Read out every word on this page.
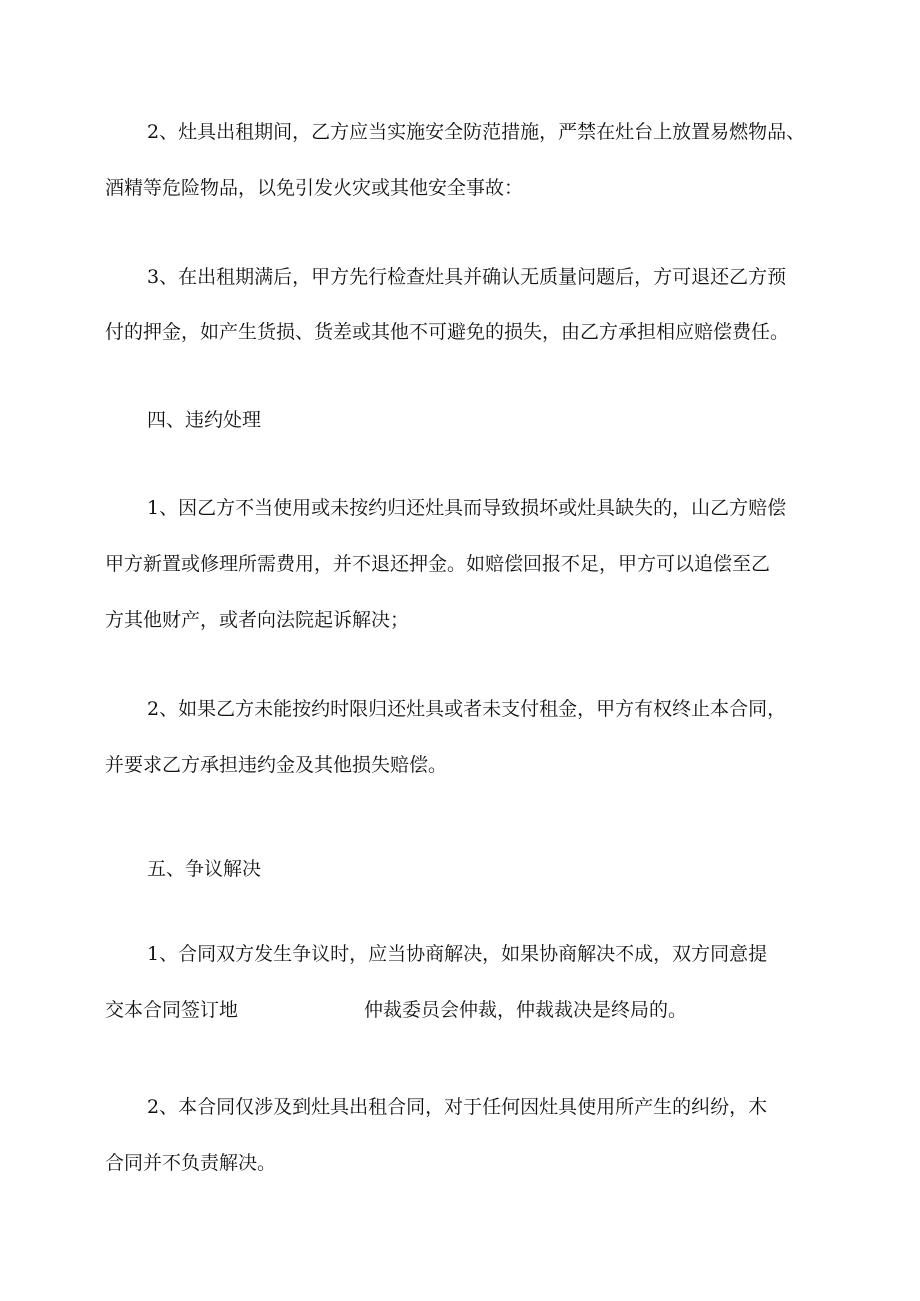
2、灶具出租期间，乙方应当实施安全防范措施，严禁在灶台上放置易燃物品、
酒精等危险物品，以免引发火灾或其他安全事故：
3、在出租期满后，甲方先行检查灶具并确认无质量问题后，方可退还乙方预
付的押金，如产生货损、货差或其他不可避免的损失，由乙方承担相应赔偿费任。
四、违约处理
1、因乙方不当使用或未按约归还灶具而导致损坏或灶具缺失的，山乙方赔偿
甲方新置或修理所需费用，并不退还押金。如赔偿回报不足，甲方可以追偿至乙
方其他财产，或者向法院起诉解决；
2、如果乙方未能按约时限归还灶具或者未支付租金，甲方有权终止本合同，
并要求乙方承担违约金及其他损失赔偿。
五、争议解决
1、合同双方发生争议时，应当协商解决，如果协商解决不成，双方同意提
交本合同签订地	仲裁委员会仲裁，仲裁裁决是终局的。
2、本合同仅涉及到灶具出租合同，对于任何因灶具使用所产生的纠纷，木
合同并不负责解决。
